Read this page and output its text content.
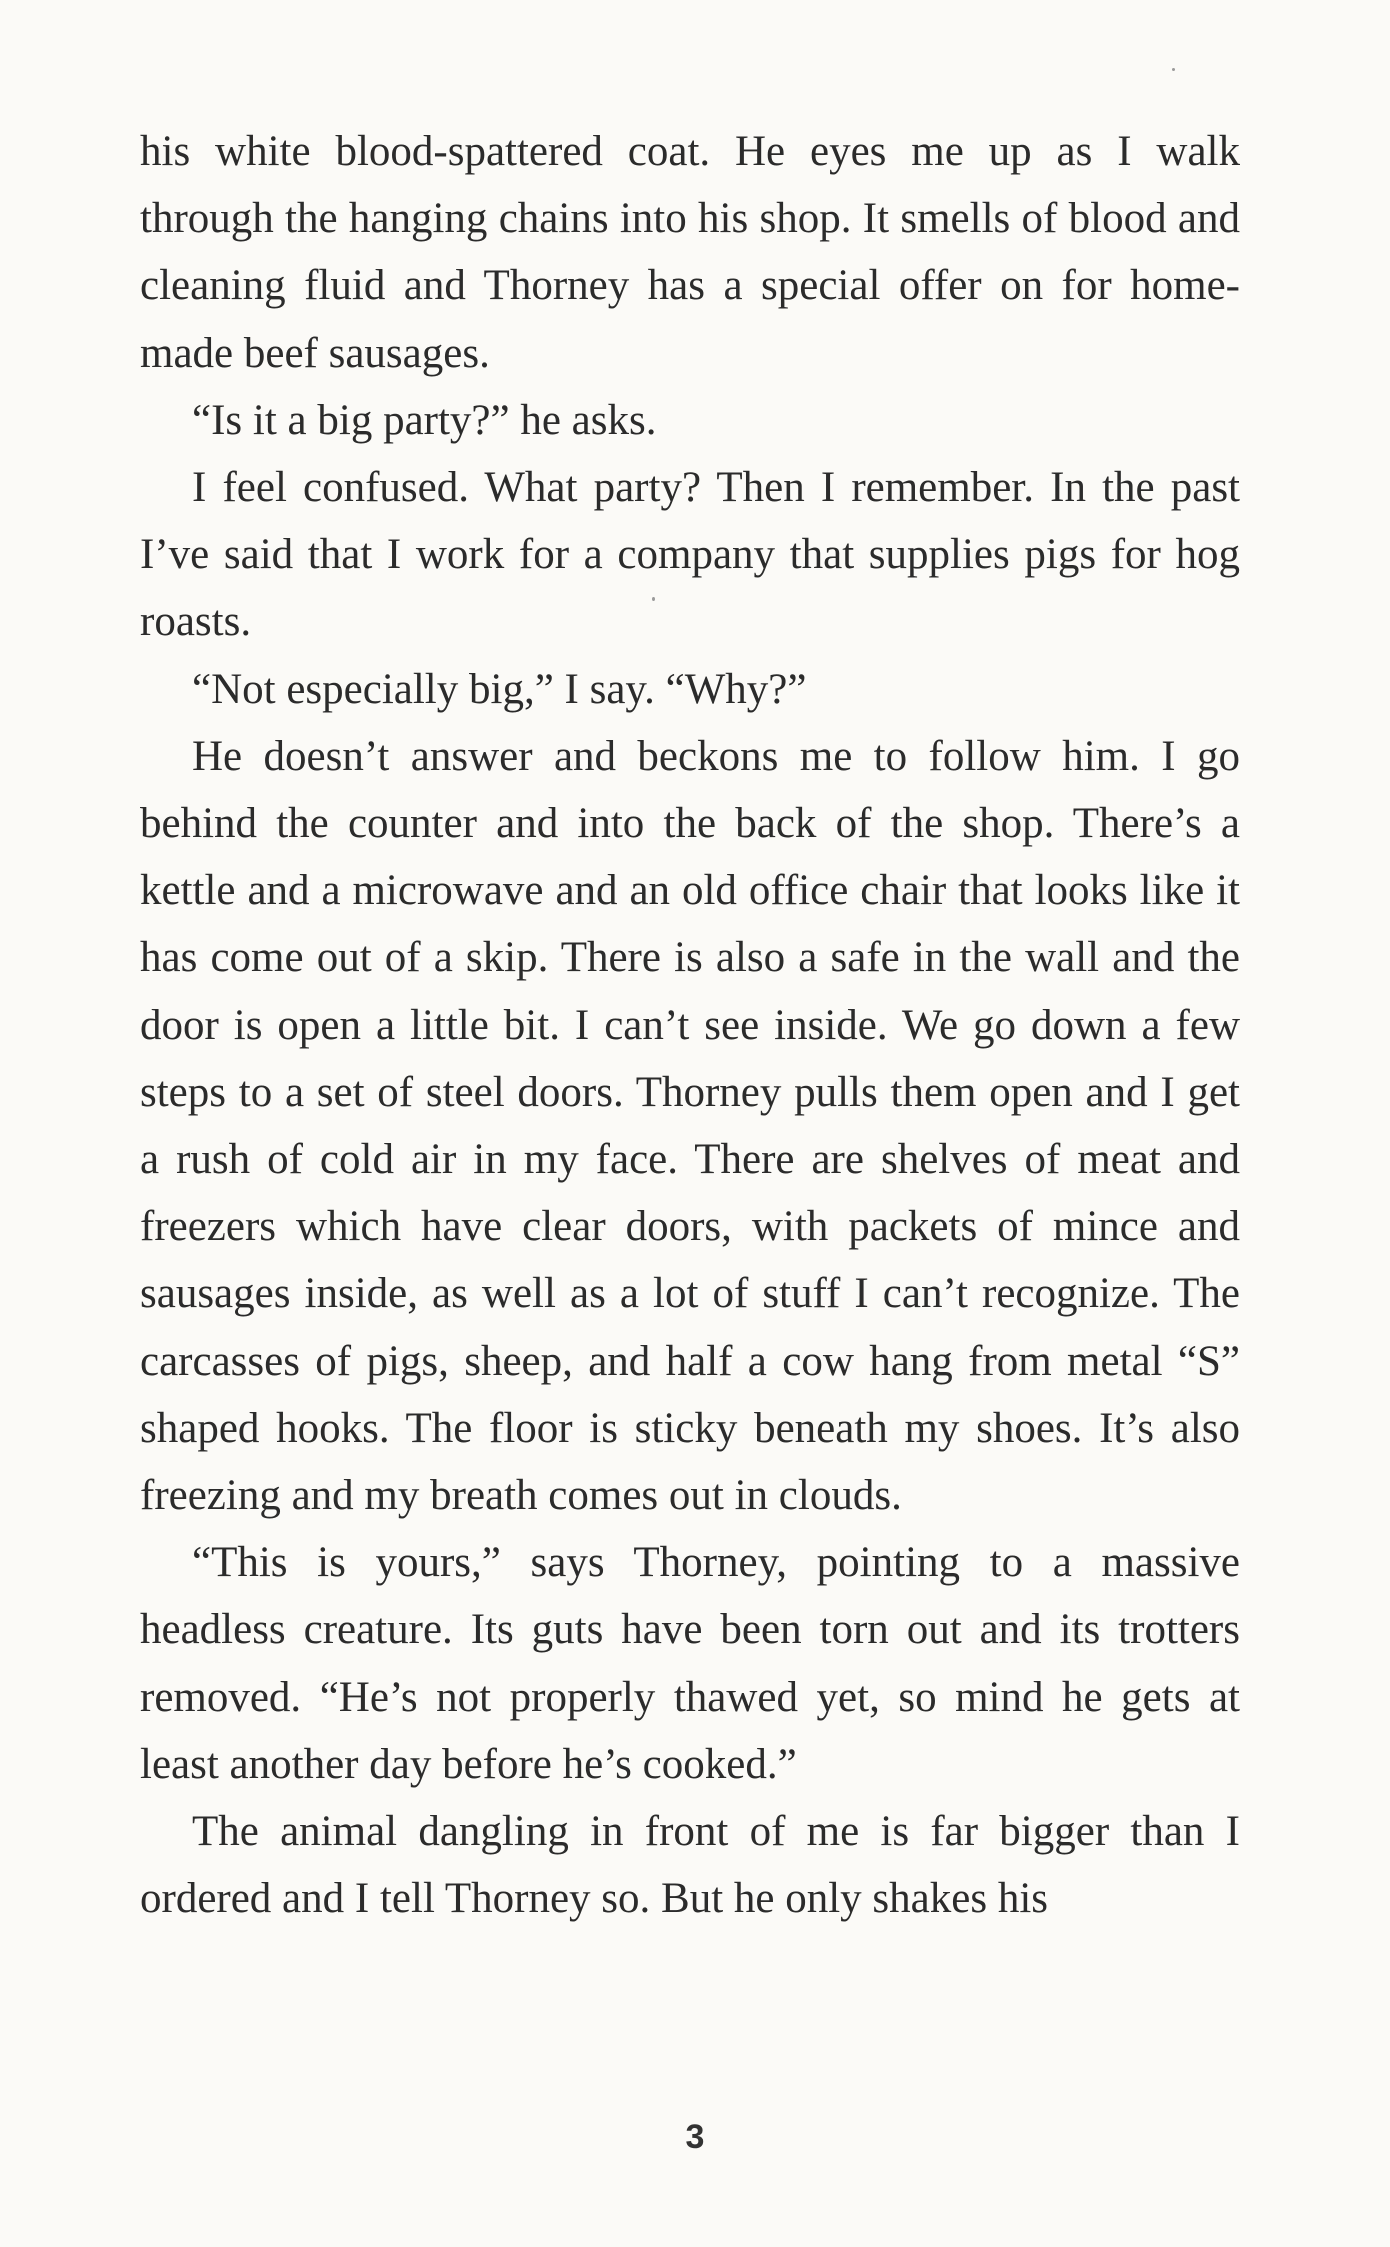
his white blood-spattered coat. He eyes me up as I walk through the hanging chains into his shop. It smells of blood and cleaning fluid and Thorney has a special offer on for home-made beef sausages.

“Is it a big party?” he asks.

I feel confused. What party? Then I remember. In the past I’ve said that I work for a company that supplies pigs for hog roasts.

“Not especially big,” I say. “Why?”

He doesn’t answer and beckons me to follow him. I go behind the counter and into the back of the shop. There’s a kettle and a microwave and an old office chair that looks like it has come out of a skip. There is also a safe in the wall and the door is open a little bit. I can’t see inside. We go down a few steps to a set of steel doors. Thorney pulls them open and I get a rush of cold air in my face. There are shelves of meat and freezers which have clear doors, with packets of mince and sausages inside, as well as a lot of stuff I can’t recognize. The carcasses of pigs, sheep, and half a cow hang from metal “S” shaped hooks. The floor is sticky beneath my shoes. It’s also freezing and my breath comes out in clouds.

“This is yours,” says Thorney, pointing to a massive headless creature. Its guts have been torn out and its trotters removed. “He’s not properly thawed yet, so mind he gets at least another day before he’s cooked.”

The animal dangling in front of me is far bigger than I ordered and I tell Thorney so. But he only shakes his

3
